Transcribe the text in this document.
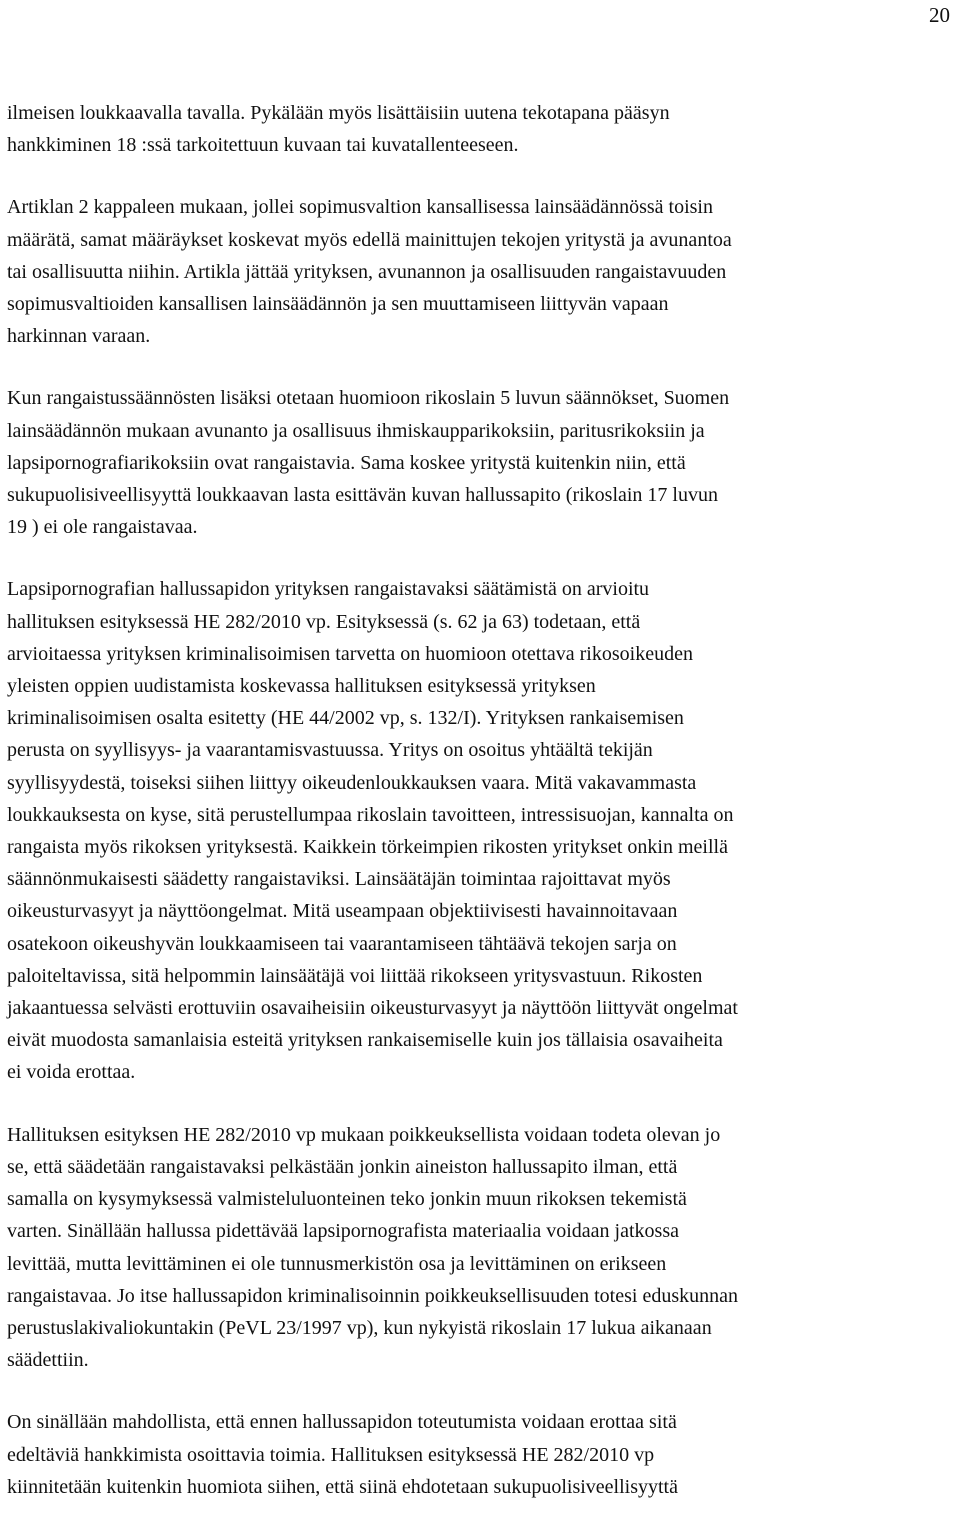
20
ilmeisen loukkaavalla tavalla. Pykälään myös lisättäisiin uutena tekotapana pääsyn
hankkiminen 18 :ssä tarkoitettuun kuvaan tai kuvatallenteeseen.
Artiklan 2 kappaleen mukaan, jollei sopimusvaltion kansallisessa lainsäädännössä toisin
määrätä, samat määräykset koskevat myös edellä mainittujen tekojen yritystä ja avunantoa
tai osallisuutta niihin. Artikla jättää yrityksen, avunannon ja osallisuuden rangaistavuuden
sopimusvaltioiden kansallisen lainsäädännön ja sen muuttamiseen liittyvän vapaan
harkinnan varaan.
Kun rangaistussäännösten lisäksi otetaan huomioon rikoslain 5 luvun säännökset, Suomen
lainsäädännön mukaan avunanto ja osallisuus ihmiskaupparikoksiin, paritusrikoksiin ja
lapsipornografiarikoksiin ovat rangaistavia. Sama koskee yritystä kuitenkin niin, että
sukupuolisiveellisyyttä loukkaavan lasta esittävän kuvan hallussapito (rikoslain 17 luvun
19 ) ei ole rangaistavaa.
Lapsipornografian hallussapidon yrityksen rangaistavaksi säätämistä on arvioitu
hallituksen esityksessä HE 282/2010 vp. Esityksessä (s. 62 ja 63) todetaan, että
arvioitaessa yrityksen kriminalisoimisen tarvetta on huomioon otettava rikosoikeuden
yleisten oppien uudistamista koskevassa hallituksen esityksessä yrityksen
kriminalisoimisen osalta esitetty (HE 44/2002 vp, s. 132/I). Yrityksen rankaisemisen
perusta on syyllisyys- ja vaarantamisvastuussa. Yritys on osoitus yhtäältä tekijän
syyllisyydestä, toiseksi siihen liittyy oikeudenloukkauksen vaara. Mitä vakavammasta
loukkauksesta on kyse, sitä perustellumpaa rikoslain tavoitteen, intressisuojan, kannalta on
rangaista myös rikoksen yrityksestä. Kaikkein törkeimpien rikosten yritykset onkin meillä
säännönmukaisesti säädetty rangaistaviksi. Lainsäätäjän toimintaa rajoittavat myös
oikeusturvasyyt ja näyttöongelmat. Mitä useampaan objektiivisesti havainnoitavaan
osatekoon oikeushyvän loukkaamiseen tai vaarantamiseen tähtäävä tekojen sarja on
paloiteltavissa, sitä helpommin lainsäätäjä voi liittää rikokseen yritysvastuun. Rikosten
jakaantuessa selvästi erottuviin osavaiheisiin oikeusturvasyyt ja näyttöön liittyvät ongelmat
eivät muodosta samanlaisia esteitä yrityksen rankaisemiselle kuin jos tällaisia osavaiheita
ei voida erottaa.
Hallituksen esityksen HE 282/2010 vp mukaan poikkeuksellista voidaan todeta olevan jo
se, että säädetään rangaistavaksi pelkästään jonkin aineiston hallussapito ilman, että
samalla on kysymyksessä valmisteluluonteinen teko jonkin muun rikoksen tekemistä
varten. Sinällään hallussa pidettävää lapsipornografista materiaalia voidaan jatkossa
levittää, mutta levittäminen ei ole tunnusmerkistön osa ja levittäminen on erikseen
rangaistavaa. Jo itse hallussapidon kriminalisoinnin poikkeuksellisuuden totesi eduskunnan
perustuslakivaliokuntakin (PeVL 23/1997 vp), kun nykyistä rikoslain 17 lukua aikanaan
säädettiin.
On sinällään mahdollista, että ennen hallussapidon toteutumista voidaan erottaa sitä
edeltäviä hankkimista osoittavia toimia. Hallituksen esityksessä HE 282/2010 vp
kiinnitetään kuitenkin huomiota siihen, että siinä ehdotetaan sukupuolisiveellisyyttä
